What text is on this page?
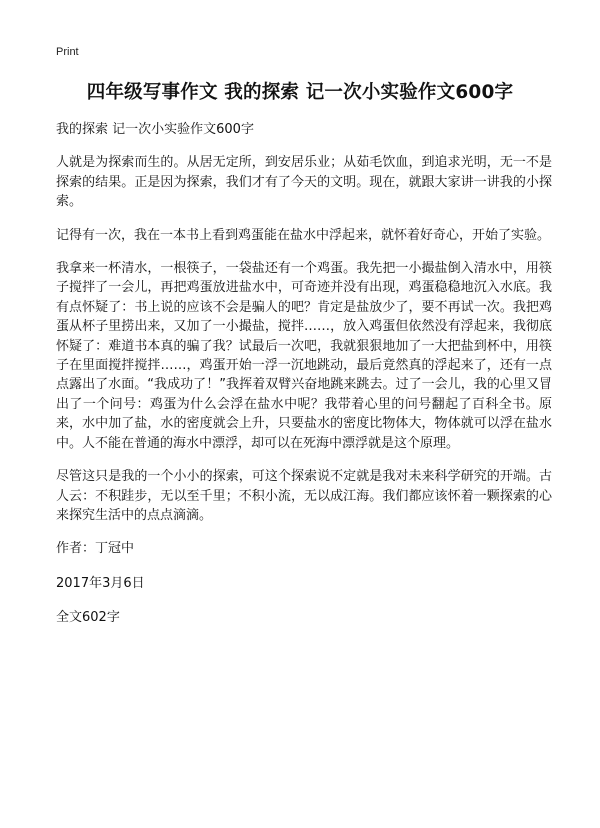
Print
四年级写事作文 我的探索 记一次小实验作文600字

我的探索 记一次小实验作文600字

人就是为探索而生的。从居无定所，到安居乐业；从茹毛饮血，到追求光明，无一不是探索的结果。正是因为探索，我们才有了今天的文明。现在，就跟大家讲一讲我的小探索。

记得有一次，我在一本书上看到鸡蛋能在盐水中浮起来，就怀着好奇心，开始了实验。

我拿来一杯清水，一根筷子，一袋盐还有一个鸡蛋。我先把一小撮盐倒入清水中，用筷子搅拌了一会儿，再把鸡蛋放进盐水中，可奇迹并没有出现，鸡蛋稳稳地沉入水底。我有点怀疑了：书上说的应该不会是骗人的吧？肯定是盐放少了，要不再试一次。我把鸡蛋从杯子里捞出来，又加了一小撮盐，搅拌……，放入鸡蛋但依然没有浮起来，我彻底怀疑了：难道书本真的骗了我？试最后一次吧，我就狠狠地加了一大把盐到杯中，用筷子在里面搅拌搅拌……，鸡蛋开始一浮一沉地跳动，最后竟然真的浮起来了，还有一点点露出了水面。“我成功了！”我挥着双臂兴奋地跳来跳去。过了一会儿，我的心里又冒出了一个问号：鸡蛋为什么会浮在盐水中呢？我带着心里的问号翻起了百科全书。原来，水中加了盐，水的密度就会上升，只要盐水的密度比物体大，物体就可以浮在盐水中。人不能在普通的海水中漂浮，却可以在死海中漂浮就是这个原理。

尽管这只是我的一个小小的探索，可这个探索说不定就是我对未来科学研究的开端。古人云：不积跬步，无以至千里；不积小流，无以成江海。我们都应该怀着一颗探索的心来探究生活中的点点滴滴。

作者：丁冠中

2017年3月6日

全文602字
